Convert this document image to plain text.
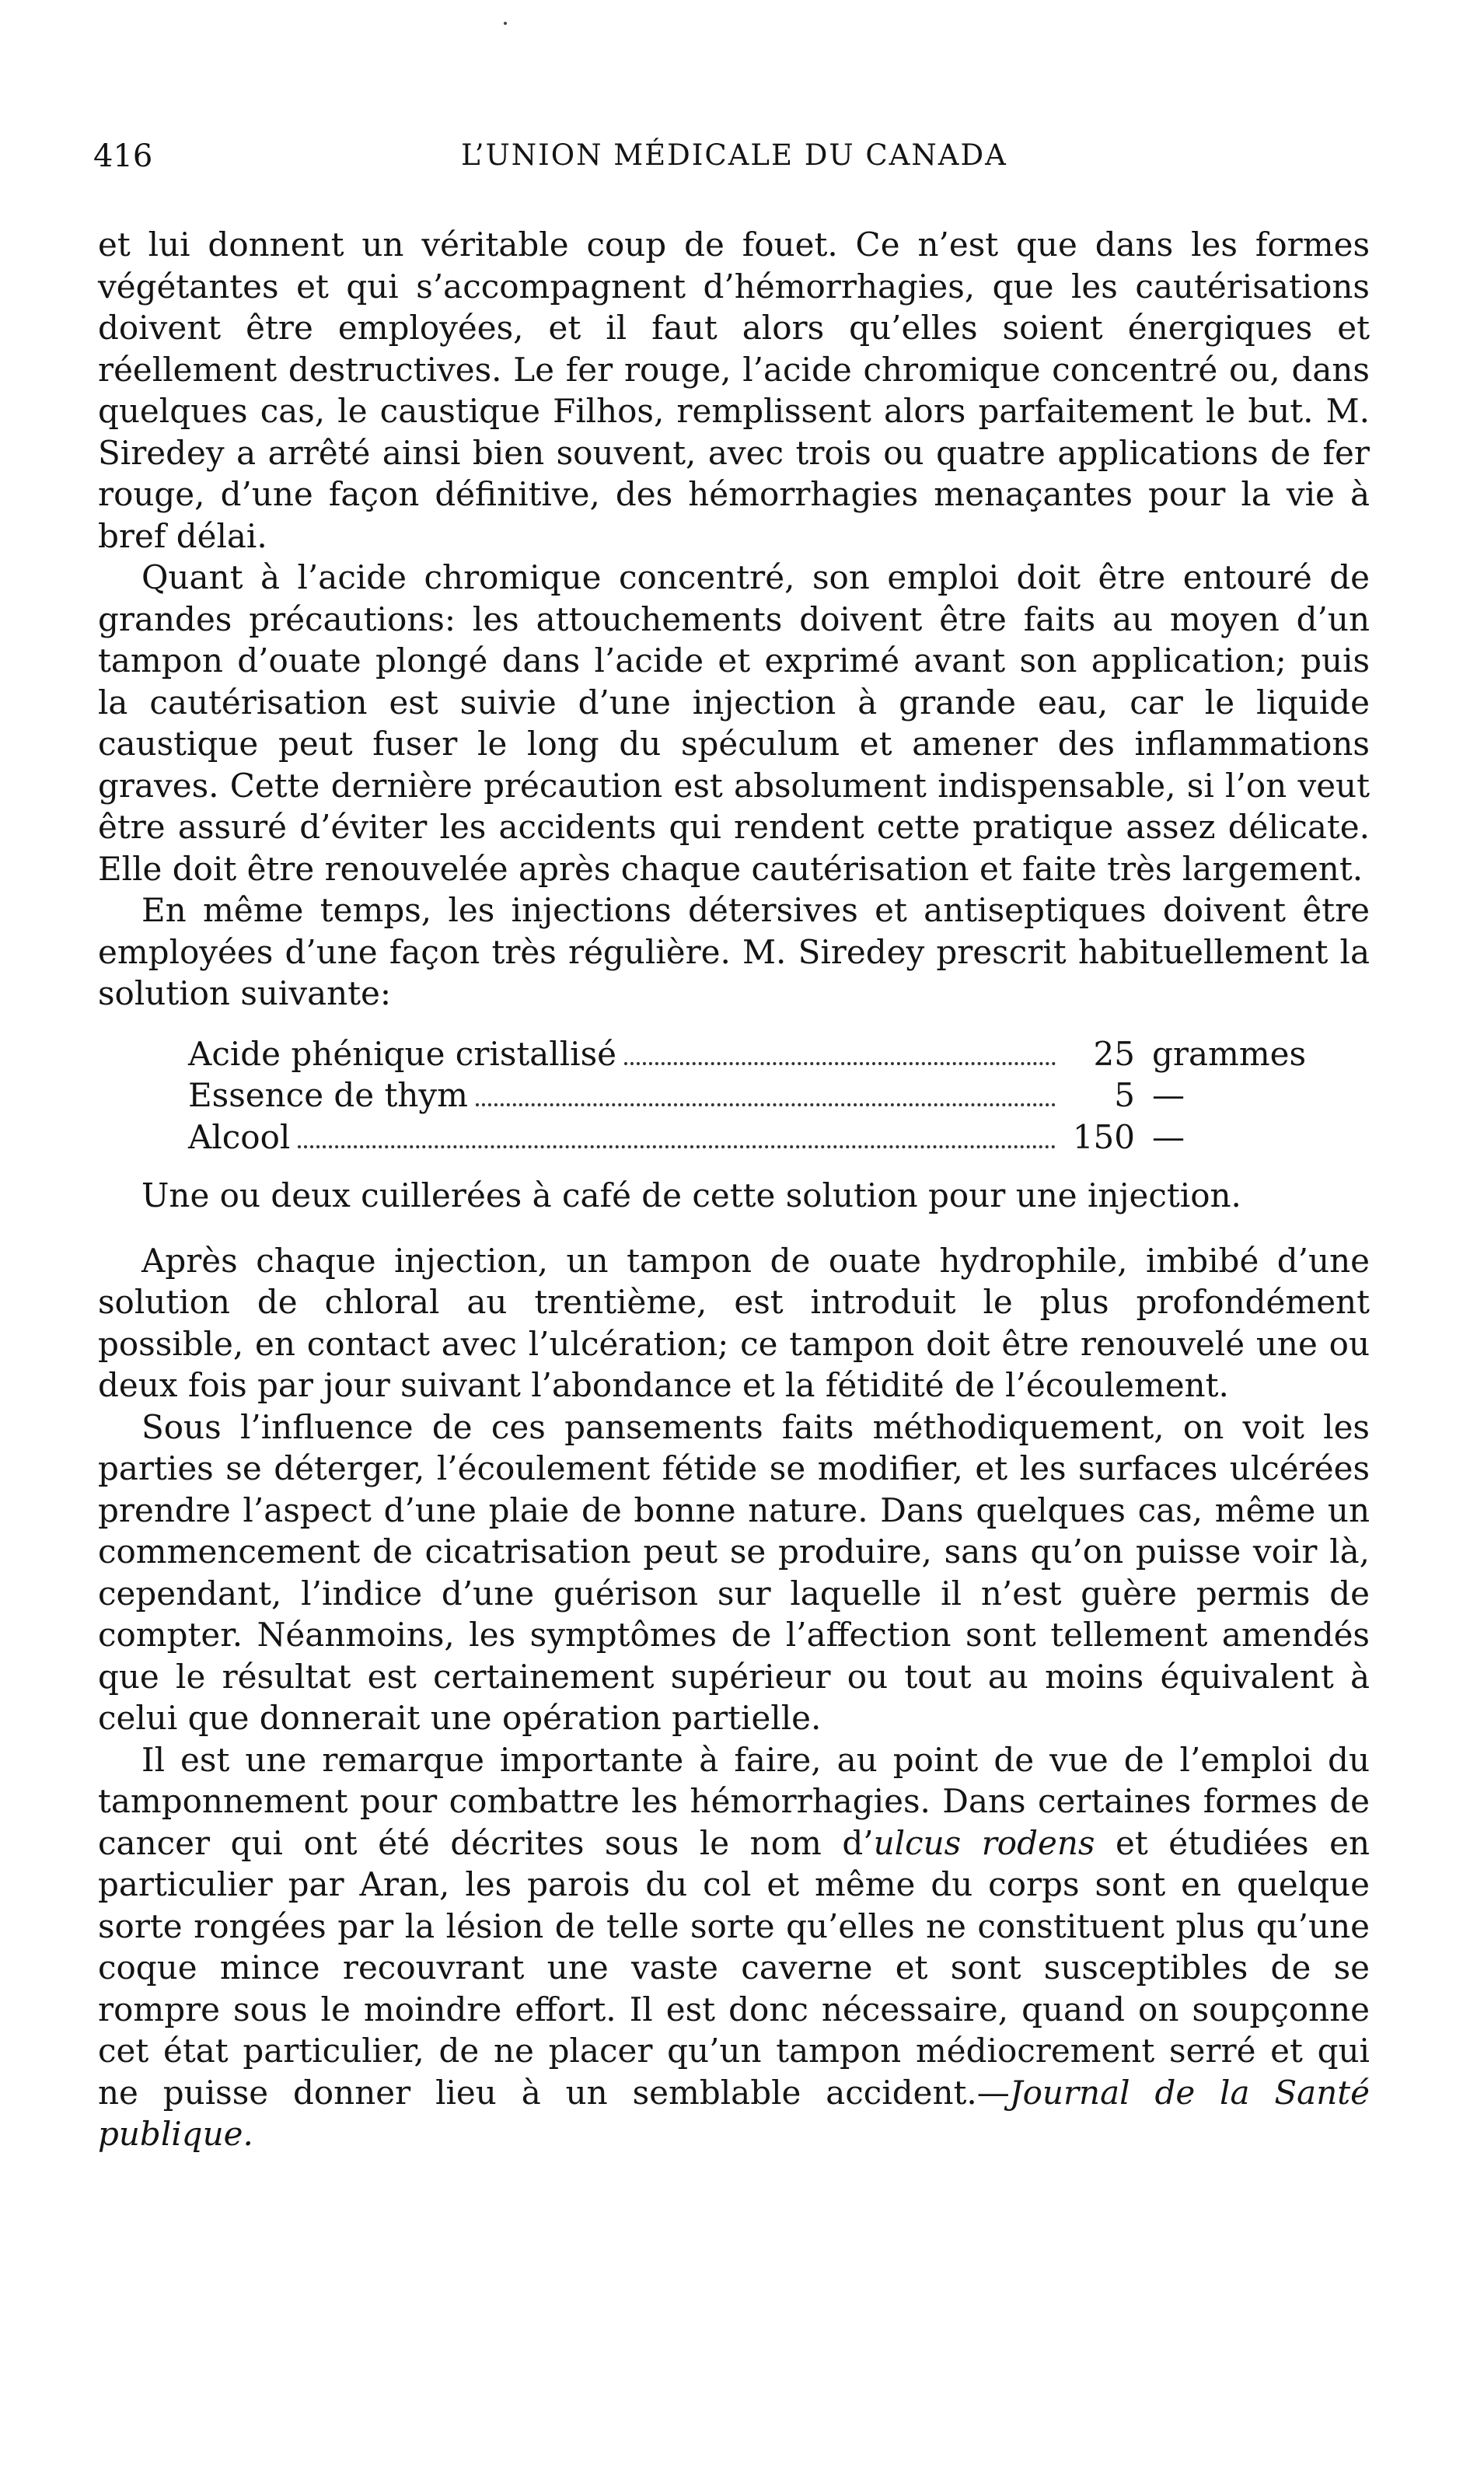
416	L’UNION MÉDICALE DU CANADA

et lui donnent un véritable coup de fouet. Ce n’est que dans les formes végétantes et qui s’accompagnent d’hémorrhagies, que les cautérisations doivent être employées, et il faut alors qu’elles soient énergiques et réellement destructives. Le fer rouge, l’acide chromique concentré ou, dans quelques cas, le caustique Filhos, remplissent alors parfaitement le but. M. Siredey a arrêté ainsi bien souvent, avec trois ou quatre applications de fer rouge, d’une façon définitive, des hémorrhagies menaçantes pour la vie à bref délai.

Quant à l’acide chromique concentré, son emploi doit être entouré de grandes précautions: les attouchements doivent être faits au moyen d’un tampon d’ouate plongé dans l’acide et exprimé avant son application; puis la cautérisation est suivie d’une injection à grande eau, car le liquide caustique peut fuser le long du spéculum et amener des inflammations graves. Cette dernière précaution est absolument indispensable, si l’on veut être assuré d’éviter les accidents qui rendent cette pratique assez délicate. Elle doit être renouvelée après chaque cautérisation et faite très largement.

En même temps, les injections détersives et antiseptiques doivent être employées d’une façon très régulière. M. Siredey prescrit habituellement la solution suivante:

Acide phénique cristallisé	25 grammes
Essence de thym	5 —
Alcool	150 —

Une ou deux cuillerées à café de cette solution pour une injection.

Après chaque injection, un tampon de ouate hydrophile, imbibé d’une solution de chloral au trentième, est introduit le plus profondément possible, en contact avec l’ulcération; ce tampon doit être renouvelé une ou deux fois par jour suivant l’abondance et la fétidité de l’écoulement.

Sous l’influence de ces pansements faits méthodiquement, on voit les parties se déterger, l’écoulement fétide se modifier, et les surfaces ulcérées prendre l’aspect d’une plaie de bonne nature. Dans quelques cas, même un commencement de cicatrisation peut se produire, sans qu’on puisse voir là, cependant, l’indice d’une guérison sur laquelle il n’est guère permis de compter. Néanmoins, les symptômes de l’affection sont tellement amendés que le résultat est certainement supérieur ou tout au moins équivalent à celui que donnerait une opération partielle.

Il est une remarque importante à faire, au point de vue de l’emploi du tamponnement pour combattre les hémorrhagies. Dans certaines formes de cancer qui ont été décrites sous le nom d’ulcus rodens et étudiées en particulier par Aran, les parois du col et même du corps sont en quelque sorte rongées par la lésion de telle sorte qu’elles ne constituent plus qu’une coque mince recouvrant une vaste caverne et sont susceptibles de se rompre sous le moindre effort. Il est donc nécessaire, quand on soupçonne cet état particulier, de ne placer qu’un tampon médiocrement serré et qui ne puisse donner lieu à un semblable accident.—Journal de la Santé publique.
